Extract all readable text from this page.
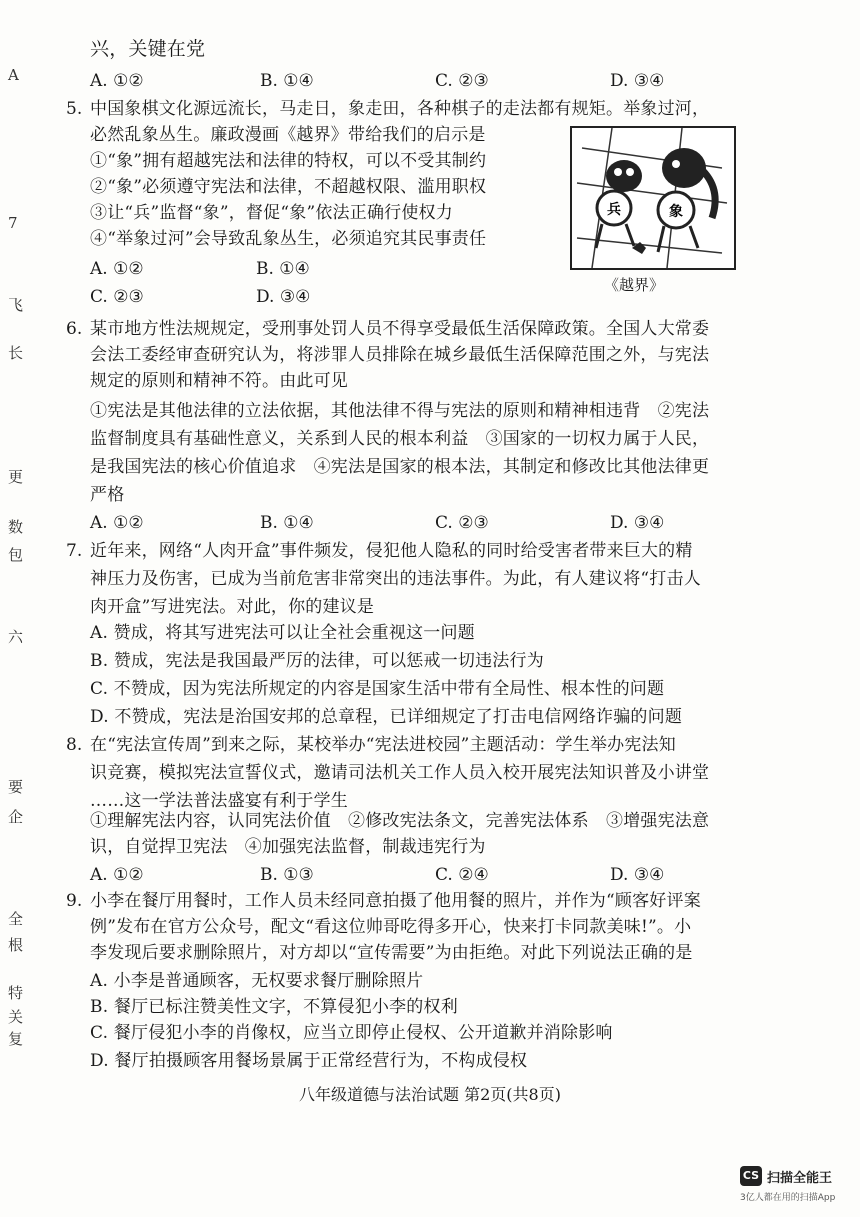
A
7
飞
长
更
数
包
六
要
企
全
根
特
关
复
兴，关键在党
A. ①②	B. ①④	C. ②③	D. ③④
5. 中国象棋文化源远流长，马走日，象走田，各种棋子的走法都有规矩。举象过河，
必然乱象丛生。廉政漫画《越界》带给我们的启示是
①“象”拥有超越宪法和法律的特权，可以不受其制约
②“象”必须遵守宪法和法律，不超越权限、滥用职权
③让“兵”监督“象”，督促“象”依法正确行使权力
④“举象过河”会导致乱象丛生，必须追究其民事责任
A. ①②	B. ①④
C. ②③	D. ③④
兵	象
《越界》
6. 某市地方性法规规定，受刑事处罚人员不得享受最低生活保障政策。全国人大常委
会法工委经审查研究认为，将涉罪人员排除在城乡最低生活保障范围之外，与宪法
规定的原则和精神不符。由此可见
①宪法是其他法律的立法依据，其他法律不得与宪法的原则和精神相违背　②宪法
监督制度具有基础性意义，关系到人民的根本利益　③国家的一切权力属于人民，
是我国宪法的核心价值追求　④宪法是国家的根本法，其制定和修改比其他法律更
严格
A. ①②	B. ①④	C. ②③	D. ③④
7. 近年来，网络“人肉开盒”事件频发，侵犯他人隐私的同时给受害者带来巨大的精
神压力及伤害，已成为当前危害非常突出的违法事件。为此，有人建议将“打击人
肉开盒”写进宪法。对此，你的建议是
A. 赞成，将其写进宪法可以让全社会重视这一问题
B. 赞成，宪法是我国最严厉的法律，可以惩戒一切违法行为
C. 不赞成，因为宪法所规定的内容是国家生活中带有全局性、根本性的问题
D. 不赞成，宪法是治国安邦的总章程，已详细规定了打击电信网络诈骗的问题
8. 在“宪法宣传周”到来之际，某校举办“宪法进校园”主题活动：学生举办宪法知
识竞赛，模拟宪法宣誓仪式，邀请司法机关工作人员入校开展宪法知识普及小讲堂
……这一学法普法盛宴有利于学生
①理解宪法内容，认同宪法价值　②修改宪法条文，完善宪法体系　③增强宪法意
识，自觉捍卫宪法　④加强宪法监督，制裁违宪行为
A. ①②	B. ①③	C. ②④	D. ③④
9. 小李在餐厅用餐时，工作人员未经同意拍摄了他用餐的照片，并作为“顾客好评案
例”发布在官方公众号，配文“看这位帅哥吃得多开心，快来打卡同款美味!”。小
李发现后要求删除照片，对方却以“宣传需要”为由拒绝。对此下列说法正确的是
A. 小李是普通顾客，无权要求餐厅删除照片
B. 餐厅已标注赞美性文字，不算侵犯小李的权利
C. 餐厅侵犯小李的肖像权，应当立即停止侵权、公开道歉并消除影响
D. 餐厅拍摄顾客用餐场景属于正常经营行为，不构成侵权
八年级道德与法治试题 第2页(共8页)
CS 扫描全能王
3亿人都在用的扫描App
